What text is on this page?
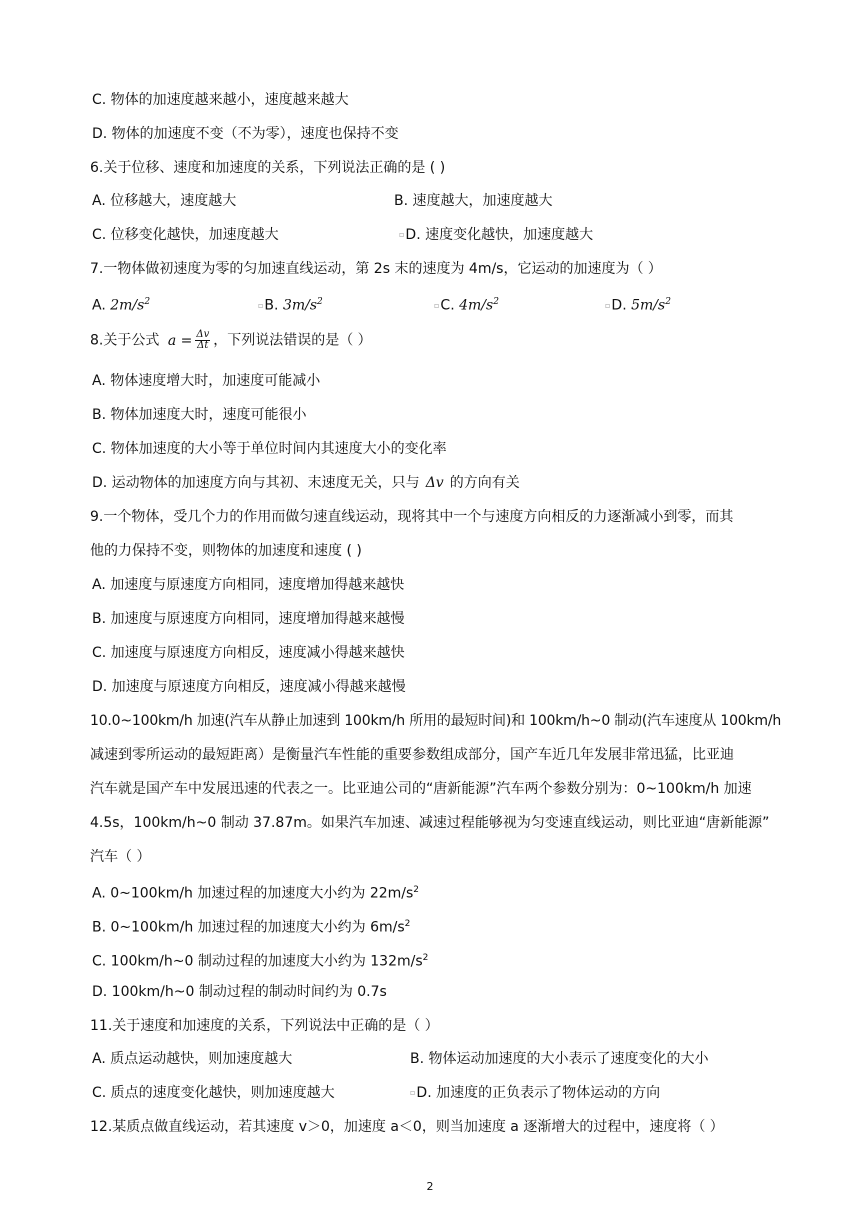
C. 物体的加速度越来越小，速度越来越大
D. 物体的加速度不变（不为零），速度也保持不变
6.关于位移、速度和加速度的关系，下列说法正确的是 ( )
A. 位移越大，速度越大	B. 速度越大，加速度越大
C. 位移变化越快，加速度越大	▫D. 速度变化越快，加速度越大
7.一物体做初速度为零的匀加速直线运动，第 2s 末的速度为 4m/s，它运动的加速度为（ ）
A. $2m/s^2$	▫B. $3m/s^2$	▫C. $4m/s^2$	▫D. $5m/s^2$
8.关于公式 $a = \frac{\Delta v}{\Delta t}$ ，下列说法错误的是（ ）
A. 物体速度增大时，加速度可能减小
B. 物体加速度大时，速度可能很小
C. 物体加速度的大小等于单位时间内其速度大小的变化率
D. 运动物体的加速度方向与其初、末速度无关，只与 Δv 的方向有关
9.一个物体，受几个力的作用而做匀速直线运动，现将其中一个与速度方向相反的力逐渐减小到零，而其
他的力保持不变，则物体的加速度和速度 ( )
A. 加速度与原速度方向相同，速度增加得越来越快
B. 加速度与原速度方向相同，速度增加得越来越慢
C. 加速度与原速度方向相反，速度减小得越来越快
D. 加速度与原速度方向相反，速度减小得越来越慢
10.0~100km/h 加速(汽车从静止加速到 100km/h 所用的最短时间)和 100km/h~0 制动(汽车速度从 100km/h
减速到零所运动的最短距离）是衡量汽车性能的重要参数组成部分，国产车近几年发展非常迅猛，比亚迪
汽车就是国产车中发展迅速的代表之一。比亚迪公司的“唐新能源”汽车两个参数分别为：0~100km/h 加速
4.5s，100km/h~0 制动 37.87m。如果汽车加速、减速过程能够视为匀变速直线运动，则比亚迪“唐新能源”
汽车（ ）
A. 0~100km/h 加速过程的加速度大小约为 $22m/s^2$
B. 0~100km/h 加速过程的加速度大小约为 $6m/s^2$
C. 100km/h~0 制动过程的加速度大小约为 $132m/s^2$
D. 100km/h~0 制动过程的制动时间约为 0.7s
11.关于速度和加速度的关系，下列说法中正确的是（ ）
A. 质点运动越快，则加速度越大	B. 物体运动加速度的大小表示了速度变化的大小
C. 质点的速度变化越快，则加速度越大	▫D. 加速度的正负表示了物体运动的方向
12.某质点做直线运动，若其速度 v＞0，加速度 a＜0，则当加速度 a 逐渐增大的过程中，速度将（ ）
2
